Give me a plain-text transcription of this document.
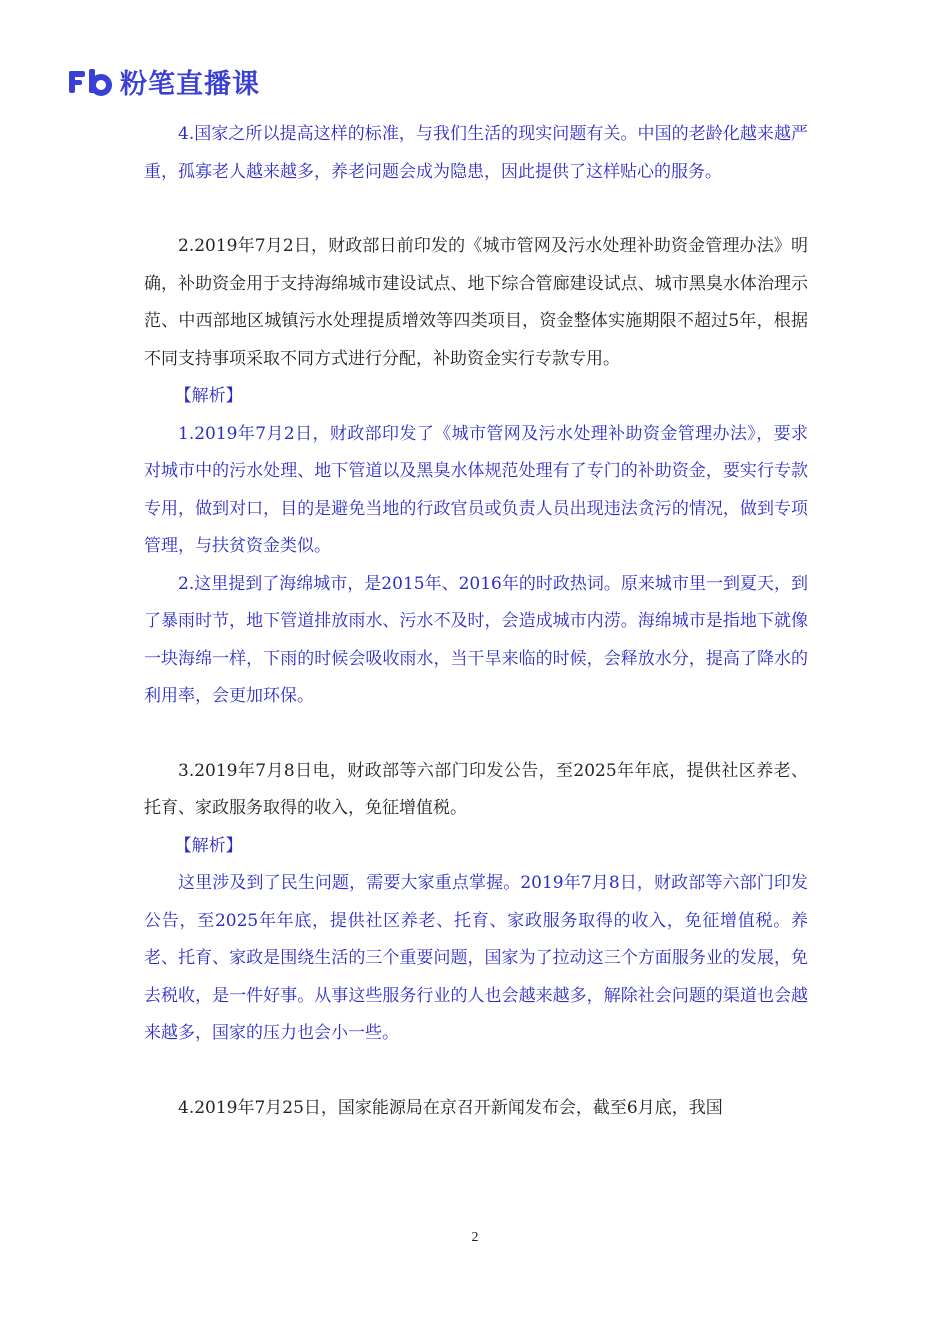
粉笔直播课

4.国家之所以提高这样的标准，与我们生活的现实问题有关。中国的老龄化越来越严重，孤寡老人越来越多，养老问题会成为隐患，因此提供了这样贴心的服务。

2.2019年7月2日，财政部日前印发的《城市管网及污水处理补助资金管理办法》明确，补助资金用于支持海绵城市建设试点、地下综合管廊建设试点、城市黑臭水体治理示范、中西部地区城镇污水处理提质增效等四类项目，资金整体实施期限不超过5年，根据不同支持事项采取不同方式进行分配，补助资金实行专款专用。

【解析】

1.2019年7月2日，财政部印发了《城市管网及污水处理补助资金管理办法》，要求对城市中的污水处理、地下管道以及黑臭水体规范处理有了专门的补助资金，要实行专款专用，做到对口，目的是避免当地的行政官员或负责人员出现违法贪污的情况，做到专项管理，与扶贫资金类似。

2.这里提到了海绵城市，是2015年、2016年的时政热词。原来城市里一到夏天，到了暴雨时节，地下管道排放雨水、污水不及时，会造成城市内涝。海绵城市是指地下就像一块海绵一样，下雨的时候会吸收雨水，当干旱来临的时候，会释放水分，提高了降水的利用率，会更加环保。

3.2019年7月8日电，财政部等六部门印发公告，至2025年年底，提供社区养老、托育、家政服务取得的收入，免征增值税。

【解析】

这里涉及到了民生问题，需要大家重点掌握。2019年7月8日，财政部等六部门印发公告，至2025年年底，提供社区养老、托育、家政服务取得的收入，免征增值税。养老、托育、家政是围绕生活的三个重要问题，国家为了拉动这三个方面服务业的发展，免去税收，是一件好事。从事这些服务行业的人也会越来越多，解除社会问题的渠道也会越来越多，国家的压力也会小一些。

4.2019年7月25日，国家能源局在京召开新闻发布会，截至6月底，我国

2
